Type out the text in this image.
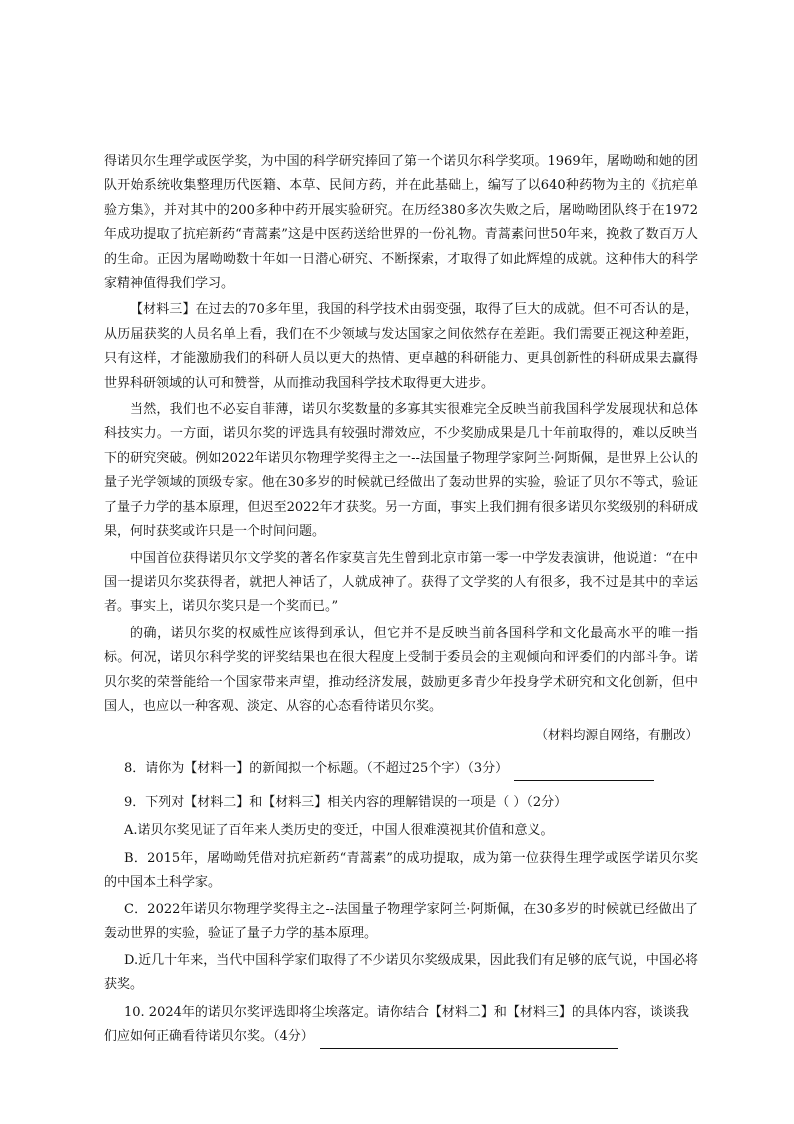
得诺贝尔生理学或医学奖，为中国的科学研究捧回了第一个诺贝尔科学奖项。1969年，屠呦呦和她的团队开始系统收集整理历代医籍、本草、民间方药，并在此基础上，编写了以640种药物为主的《抗疟单验方集》，并对其中的200多种中药开展实验研究。在历经380多次失败之后，屠呦呦团队终于在1972年成功提取了抗疟新药“青蒿素”这是中医药送给世界的一份礼物。青蒿素问世50年来，挽救了数百万人的生命。正因为屠呦呦数十年如一日潜心研究、不断探索，才取得了如此辉煌的成就。这种伟大的科学家精神值得我们学习。

【材料三】在过去的70多年里，我国的科学技术由弱变强，取得了巨大的成就。但不可否认的是，从历届获奖的人员名单上看，我们在不少领域与发达国家之间依然存在差距。我们需要正视这种差距，只有这样，才能激励我们的科研人员以更大的热情、更卓越的科研能力、更具创新性的科研成果去赢得世界科研领域的认可和赞誉，从而推动我国科学技术取得更大进步。

当然，我们也不必妄自菲薄，诺贝尔奖数量的多寡其实很难完全反映当前我国科学发展现状和总体科技实力。一方面，诺贝尔奖的评选具有较强时滞效应，不少奖励成果是几十年前取得的，难以反映当下的研究突破。例如2022年诺贝尔物理学奖得主之一--法国量子物理学家阿兰·阿斯佩，是世界上公认的量子光学领域的顶级专家。他在30多岁的时候就已经做出了轰动世界的实验，验证了贝尔不等式，验证了量子力学的基本原理，但迟至2022年才获奖。另一方面，事实上我们拥有很多诺贝尔奖级别的科研成果，何时获奖或许只是一个时间问题。

中国首位获得诺贝尔文学奖的著名作家莫言先生曾到北京市第一零一中学发表演讲，他说道：“在中国一提诺贝尔奖获得者，就把人神话了，人就成神了。获得了文学奖的人有很多，我不过是其中的幸运者。事实上，诺贝尔奖只是一个奖而已。”

的确，诺贝尔奖的权威性应该得到承认，但它并不是反映当前各国科学和文化最高水平的唯一指标。何况，诺贝尔科学奖的评奖结果也在很大程度上受制于委员会的主观倾向和评委们的内部斗争。诺贝尔奖的荣誉能给一个国家带来声望，推动经济发展，鼓励更多青少年投身学术研究和文化创新，但中国人，也应以一种客观、淡定、从容的心态看待诺贝尔奖。

（材料均源自网络，有删改）

8．请你为【材料一】的新闻拟一个标题。（不超过25个字）（3分）
9．下列对【材料二】和【材料三】相关内容的理解错误的一项是（ ）（2分）

A.诺贝尔奖见证了百年来人类历史的变迁，中国人很难漠视其价值和意义。

B．2015年，屠呦呦凭借对抗疟新药“青蒿素”的成功提取，成为第一位获得生理学或医学诺贝尔奖的中国本土科学家。

C．2022年诺贝尔物理学奖得主之--法国量子物理学家阿兰·阿斯佩，在30多岁的时候就已经做出了轰动世界的实验，验证了量子力学的基本原理。

D.近几十年来，当代中国科学家们取得了不少诺贝尔奖级成果，因此我们有足够的底气说，中国必将获奖。

10. 2024年的诺贝尔奖评选即将尘埃落定。请你结合【材料二】和【材料三】的具体内容，谈谈我们应如何正确看待诺贝尔奖。（4分）
